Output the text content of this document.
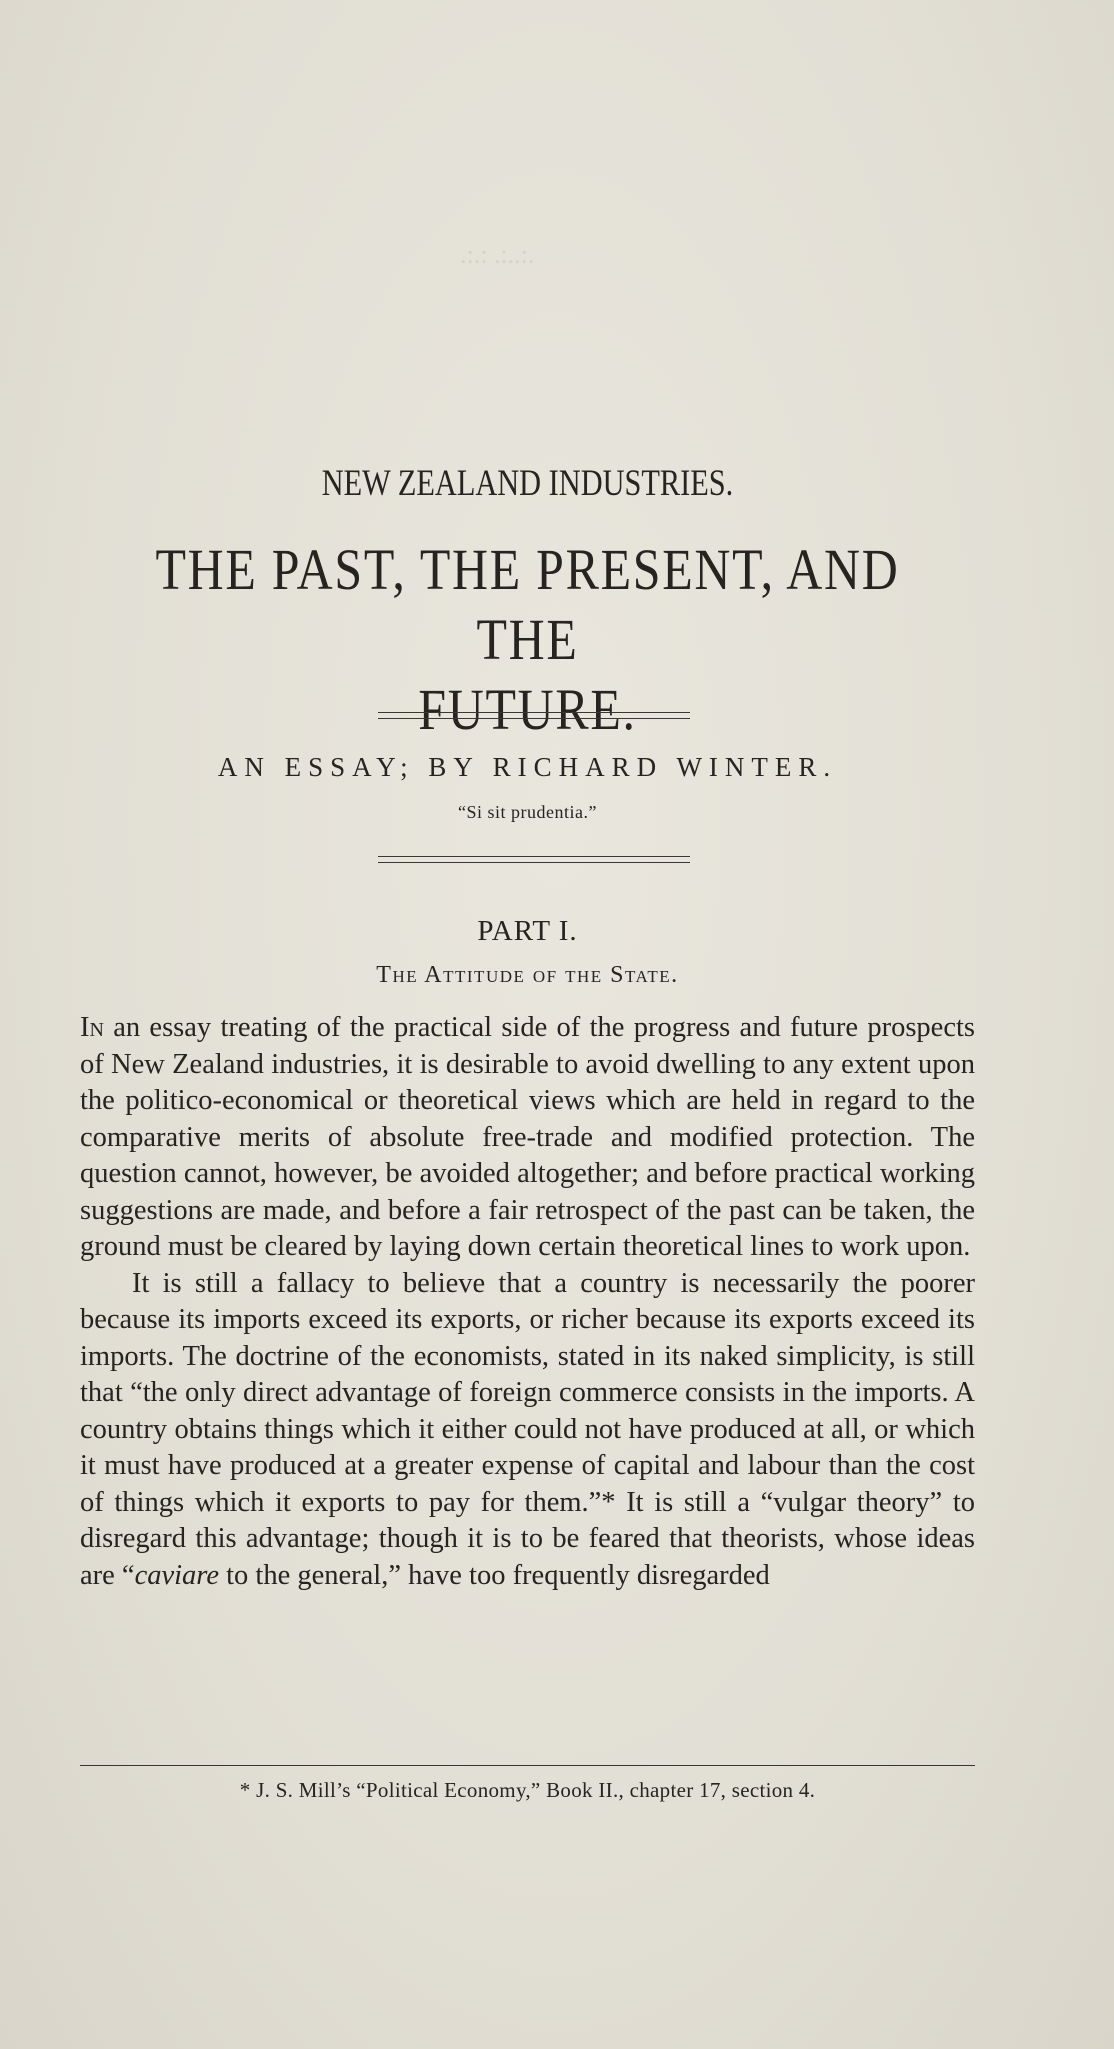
.:..:. :.:.
NEW ZEALAND INDUSTRIES.
THE PAST, THE PRESENT, AND THE
FUTURE.
AN ESSAY; BY RICHARD WINTER.
“Si sit prudentia.”
PART I.
The Attitude of the State.

In an essay treating of the practical side of the progress and future prospects of New Zealand industries, it is desirable to avoid dwelling to any extent upon the politico-economical or theoretical views which are held in regard to the comparative merits of absolute free-trade and modified protection. The question cannot, however, be avoided altogether; and before practical working suggestions are made, and before a fair retrospect of the past can be taken, the ground must be cleared by laying down certain theoretical lines to work upon.

It is still a fallacy to believe that a country is necessarily the poorer because its imports exceed its exports, or richer because its exports exceed its imports. The doctrine of the economists, stated in its naked simplicity, is still that “the only direct advantage of foreign commerce consists in the imports. A country obtains things which it either could not have produced at all, or which it must have produced at a greater expense of capital and labour than the cost of things which it exports to pay for them.”* It is still a “vulgar theory” to disregard this advantage; though it is to be feared that theorists, whose ideas are “caviare to the general,” have too frequently disregarded

* J. S. Mill’s “Political Economy,” Book II., chapter 17, section 4.
